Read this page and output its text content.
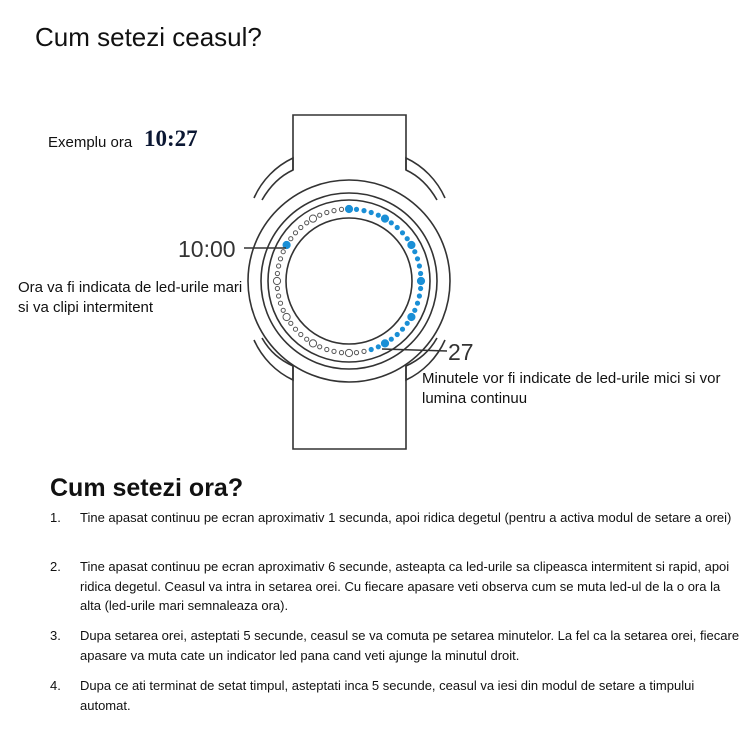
Cum setezi ceasul?
Exemplu ora 10:27
10:00
27
Ora va fi indicata de led-urile mari si va clipi intermitent
Minutele vor fi indicate de led-urile mici si vor lumina continuu
Cum setezi ora?
1. Tine apasat continuu pe ecran aproximativ 1 secunda, apoi ridica degetul (pentru a activa modul de setare a orei)
2. Tine apasat continuu pe ecran aproximativ 6 secunde, asteapta ca led-urile sa clipeasca intermitent si rapid, apoi ridica degetul. Ceasul va intra in setarea orei. Cu fiecare apasare veti observa cum se muta led-ul de la o ora la alta (led-urile mari semnaleaza ora).
3. Dupa setarea orei, asteptati 5 secunde, ceasul se va comuta pe setarea minutelor. La fel ca la setarea orei, fiecare apasare va muta cate un indicator led pana cand veti ajunge la minutul droit.
4. Dupa ce ati terminat de setat timpul, asteptati inca 5 secunde, ceasul va iesi din modul de setare a timpului automat.
